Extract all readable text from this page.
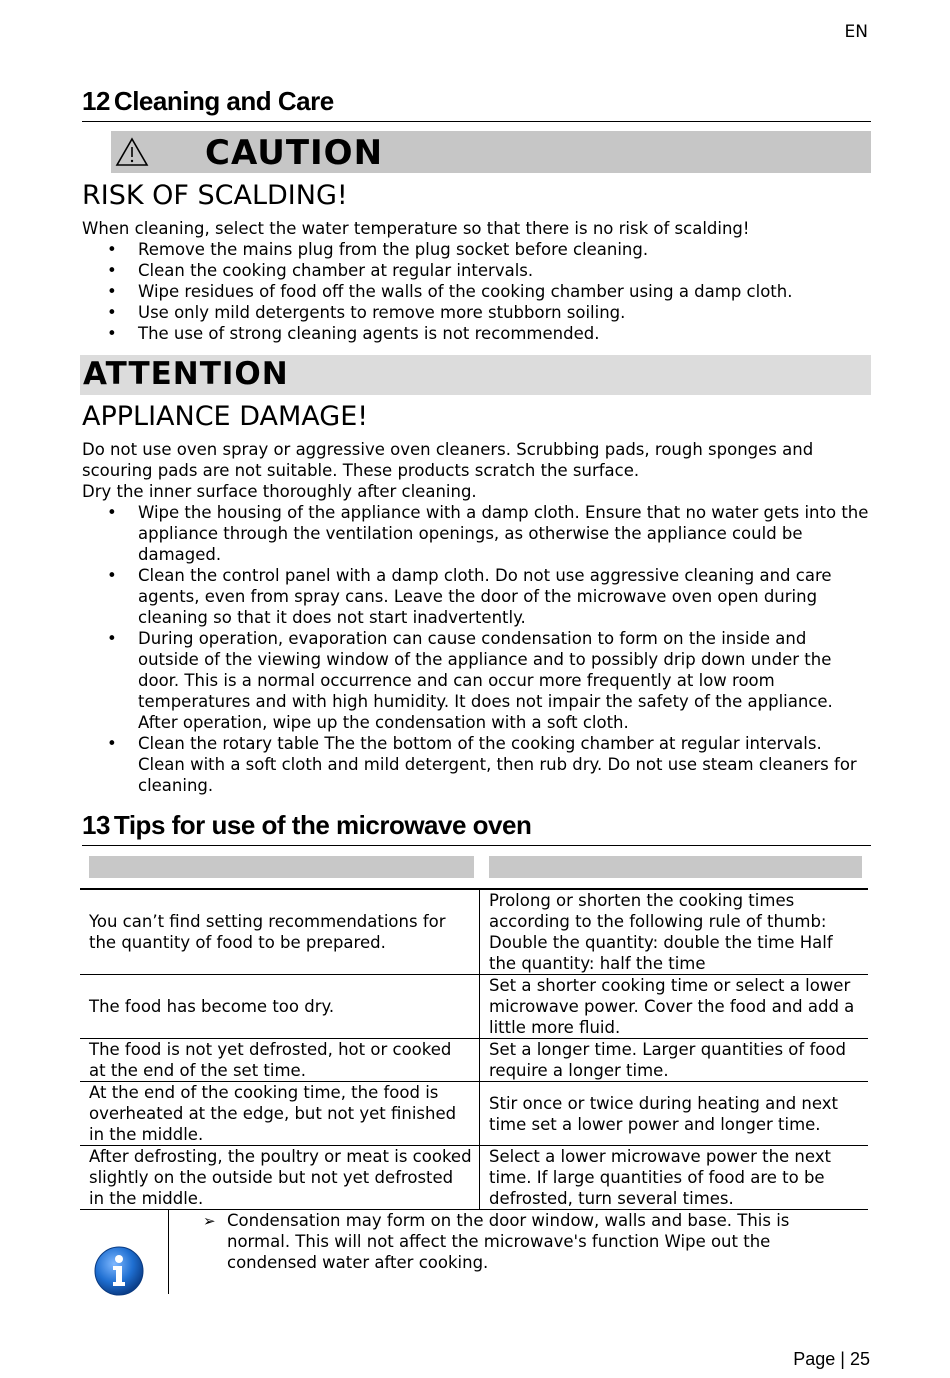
EN
12 Cleaning and Care
CAUTION
RISK OF SCALDING!
When cleaning, select the water temperature so that there is no risk of scalding!
• Remove the mains plug from the plug socket before cleaning.
• Clean the cooking chamber at regular intervals.
• Wipe residues of food off the walls of the cooking chamber using a damp cloth.
• Use only mild detergents to remove more stubborn soiling.
• The use of strong cleaning agents is not recommended.
ATTENTION
APPLIANCE DAMAGE!
Do not use oven spray or aggressive oven cleaners. Scrubbing pads, rough sponges and scouring pads are not suitable. These products scratch the surface.
Dry the inner surface thoroughly after cleaning.
• Wipe the housing of the appliance with a damp cloth. Ensure that no water gets into the appliance through the ventilation openings, as otherwise the appliance could be damaged.
• Clean the control panel with a damp cloth. Do not use aggressive cleaning and care agents, even from spray cans. Leave the door of the microwave oven open during cleaning so that it does not start inadvertently.
• During operation, evaporation can cause condensation to form on the inside and outside of the viewing window of the appliance and to possibly drip down under the door. This is a normal occurrence and can occur more frequently at low room temperatures and with high humidity. It does not impair the safety of the appliance. After operation, wipe up the condensation with a soft cloth.
• Clean the rotary table The the bottom of the cooking chamber at regular intervals. Clean with a soft cloth and mild detergent, then rub dry. Do not use steam cleaners for cleaning.
13 Tips for use of the microwave oven

You can’t find setting recommendations for the quantity of food to be prepared.	Prolong or shorten the cooking times according to the following rule of thumb: Double the quantity: double the time Half the quantity: half the time
The food has become too dry.	Set a shorter cooking time or select a lower microwave power. Cover the food and add a little more fluid.
The food is not yet defrosted, hot or cooked at the end of the set time.	Set a longer time. Larger quantities of food require a longer time.
At the end of the cooking time, the food is overheated at the edge, but not yet finished in the middle.	Stir once or twice during heating and next time set a lower power and longer time.
After defrosting, the poultry or meat is cooked slightly on the outside but not yet defrosted in the middle.	Select a lower microwave power the next time. If large quantities of food are to be defrosted, turn several times.
➢ Condensation may form on the door window, walls and base. This is normal. This will not affect the microwave's function Wipe out the condensed water after cooking.
Page | 25
